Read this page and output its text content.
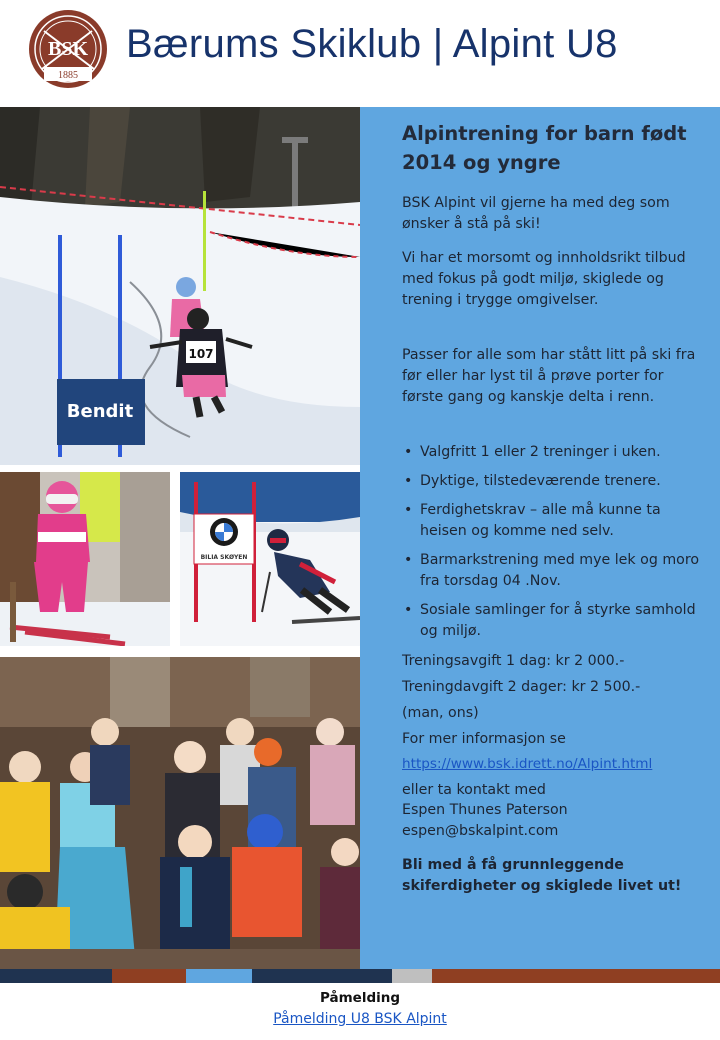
BSK
1885
Bærums Skiklub | Alpint U8
Bendit
107
BILIA SKØYEN
Alpintrening for barn født 2014 og yngre
BSK Alpint vil gjerne ha med deg som ønsker å stå på ski!
Vi har et morsomt og innholdsrikt tilbud med fokus på godt miljø, skiglede og trening i trygge omgivelser.
Passer for alle som har stått litt på ski fra før eller har lyst til å prøve porter for første gang og kanskje delta i renn.
• Valgfritt 1 eller 2 treninger i uken.
• Dyktige, tilstedeværende trenere.
• Ferdighetskrav – alle må kunne ta heisen og komme ned selv.
• Barmarkstrening med mye lek og moro fra torsdag 04 .Nov.
• Sosiale samlinger for å styrke samhold og miljø.
Treningsavgift 1 dag: kr 2 000.-
Treningdavgift 2 dager: kr 2 500.-
(man, ons)
For mer informasjon se
https://www.bsk.idrett.no/Alpint.html
eller ta kontakt med
Espen Thunes Paterson
espen@bskalpint.com
Bli med å få grunnleggende skiferdigheter og skiglede livet ut!
Påmelding
Påmelding U8 BSK Alpint
